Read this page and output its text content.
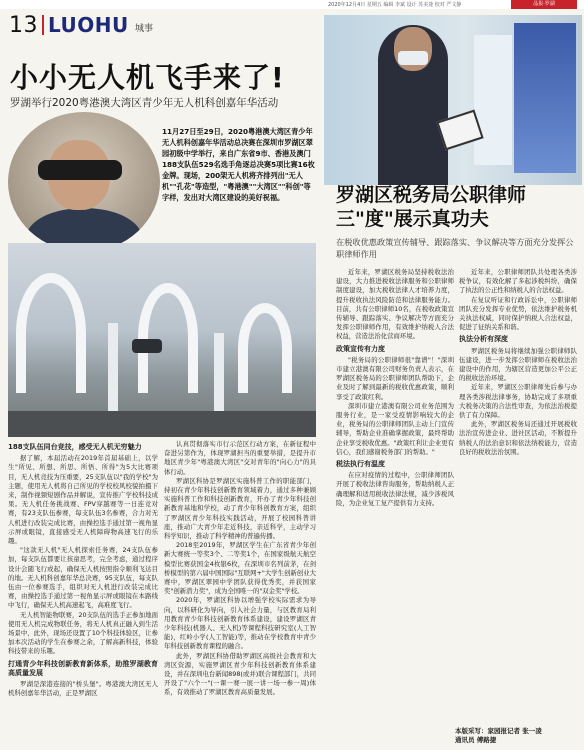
2020年12月4日 星期五 编辑 李斌 设计 苏美逢 校对 严文静	晶报·罗湖
13 LUOHU 城事
小小无人机飞手来了!
罗湖举行2020粤港澳大湾区青少年无人机科创嘉年华活动
11月27日至29日，2020粤港澳大湾区青少年无人机科创嘉年华活动总决赛在深圳市罗湖区翠园初级中学举行，来自广东省9市、香港及澳门188支队伍529名选手角逐总决赛5项比赛16枚金牌。现场，200架无人机将齐排列出"无人机""孔花"等造型，"粤港澳""大湾区""科创"等字样，发出对大湾区建设的美好祝福。
188支队伍同台竞技，感受无人机无穷魅力

据了解，本届活动在2019年首届基础上，以学生"所见、所想、所思、所悟、所得"为5大比赛项目，无人机竞技为压重要，25支队伍以"我的学校"为主题，使用无人机将自己所见的学校校风校貌拍摄下来，制作视频短剧作品并解说，宣传推广学校科技成果。无人机任务挑战赛、FPV穿越赛等一日连竞对赛，有23支队伍参赛，每支队伍3名参赛，合力对无人机进行改装完成比赛，由操控选手通过第一视角显示屏或眼镜，直接感受无人机障碍物高速飞行的乐趣。

"这款无人机"无人机探索任务赛，24支队伍参加，每支队伍都要让孩童思考，完全考虑，通过程序设计会随飞行或起，确保无人机按照指令顺利飞达目的地。无人机科创嘉年华总决赛，95支队伍，每支队伍由一位参赛选手，组织对无人机进行改装完成比赛，由操控选手通过第一视角显示屏或眼镜在本路线中飞行，确保无人机高速起飞，高难度飞行。

无人机智能物联赛，20支队伍的选手正参加地面使用无人机完成物联任务，将无人机真正融入到生活场景中，此外，现场还设置了10个科技体验区，让参加本次活动的学生在参赛之余，了解高新科技，体验科技带来的乐趣。

打通青少年科技创新教育新体系，助推罗湖教育高质量发展

罗湖是深港连接的"桥头堡"。粤港澳大湾区无人机科创嘉年华活动，正是罗湖区

认真贯彻落实市行示范区行动方案，在新征程中奋进另第作为，体现罗湖担当的重要举措，是提升市地区青少年"粤港澳大湾区"交对青年的"向心力"的具体行动。

罗湖区科协是罗湖区实施科普工作的职能部门，持初在青少年科技创新教育领域着力，通过多种兼顾实施科普工作和科技创新教育，开办了青少年科技创新教育基地和学校，动了青少年科创教育方案，组织了罗湖区青少年科技实践活动，开展了校园科普讲座，推动广大青少年走近科技，亲近科学，主动学习科学知识，推动了科学精神的普遍传播。

2018至2019年，罗湖区学生在广东省青少年创新大赛统一等奖3个、二等奖1个，在国家级航天航空模型比赛获国金4枚银6枚，在深圳市名列前茅，在剑桥模型的第六届中国国际"互联网+"大学生创新创业大赛中，罗湖区翠园中学团队获得优秀奖，并获国家奖"创新潜力奖"，成为全国唯一的"双金奖"学校。

2020年，罗湖区科协以增强学校实际需求为导向，以科研化为导向，引入社会力量，与区教育局利用教育青少年科技创新教育体系建设，建设罗湖区青少年科技(机器人、无人机)等课程科技研究室(人工智能)，红岭小学(人工智能)等，推动在学校教育中青少年科技创新教育课程的融合。

此外，罗湖区科协借助罗湖区高级社会教育和大湾区资源，实施罗湖区青少年科技创新教育体系建设，并在深圳电台新闻898(或并)联合课程部门，共同开设了"六个一"(一课一赛一展一讲一场一参一周)体系，有效推动了罗湖区教育高质量发展。

罗湖区税务局公职律师三"度"展示真功夫
在税收优惠政策宣传辅导、跟踪落实、争议解决等方面充分发挥公职律师作用

近年来，罗湖区税务局坚持税收法治建设，大力推进税收法律服务和公职律师制度建设，加大税收法律人才培养力度，提升税收执法风险防范和法律服务能力。目前，共有公职律师10名，在税收政策宣传辅导、跟踪落实、争议解决等方面充分发挥公职律师作用，有效维护纳税人合法权益，营造法治化营商环境。

政策宣传有力度

"税务局的公职律师很"靠谱"！"深圳市建立港澳有限公司财务负责人表示，在罗湖区税务局的公职律师团队帮助下，企业及时了解到最新的税收优惠政策，顺利享受了政策红利。

深圳市建立港澳有限公司业务范围为服务行业，是一家受疫情影响较大的企业，税务局的公职律师团队主动上门宣传辅导，帮助企业准确掌握政策，最终帮助企业享受税收优惠。"政策红利让企业更有信心，我们感谢税务部门的帮助。"

税法执行有温度

在应对疫情的过程中，公职律师团队开展了税收法律咨询服务，帮助纳税人正确理解和适用税收法律法规，减少涉税风险，为企业复工复产提供有力支持。

近年来，公职律师团队共处理各类涉税争议，有效化解了多起涉税纠纷，确保了执法的公正性和纳税人的合法权益。

在复议听证和行政诉讼中，公职律师团队充分发挥专业优势，依法维护税务机关执法权威，同时保护纳税人合法权益，促进了征纳关系和谐。

执法分析有深度

罗湖区税务局将继续加强公职律师队伍建设，进一步发挥公职律师在税收法治建设中的作用，为辖区营造更加公平公正的税收法治环境。

近年来，罗湖区公职律师先后参与办理各类涉税法律事务，协助完成了多项重大税务决策的合法性审查，为依法治税提供了有力保障。

此外，罗湖区税务局还通过开展税收法治宣传进企业、进社区活动，不断提升纳税人的法治意识和依法纳税能力，营造良好的税收法治氛围。

本版采写：家园报记者 张一凌
通讯员 傅路捷
